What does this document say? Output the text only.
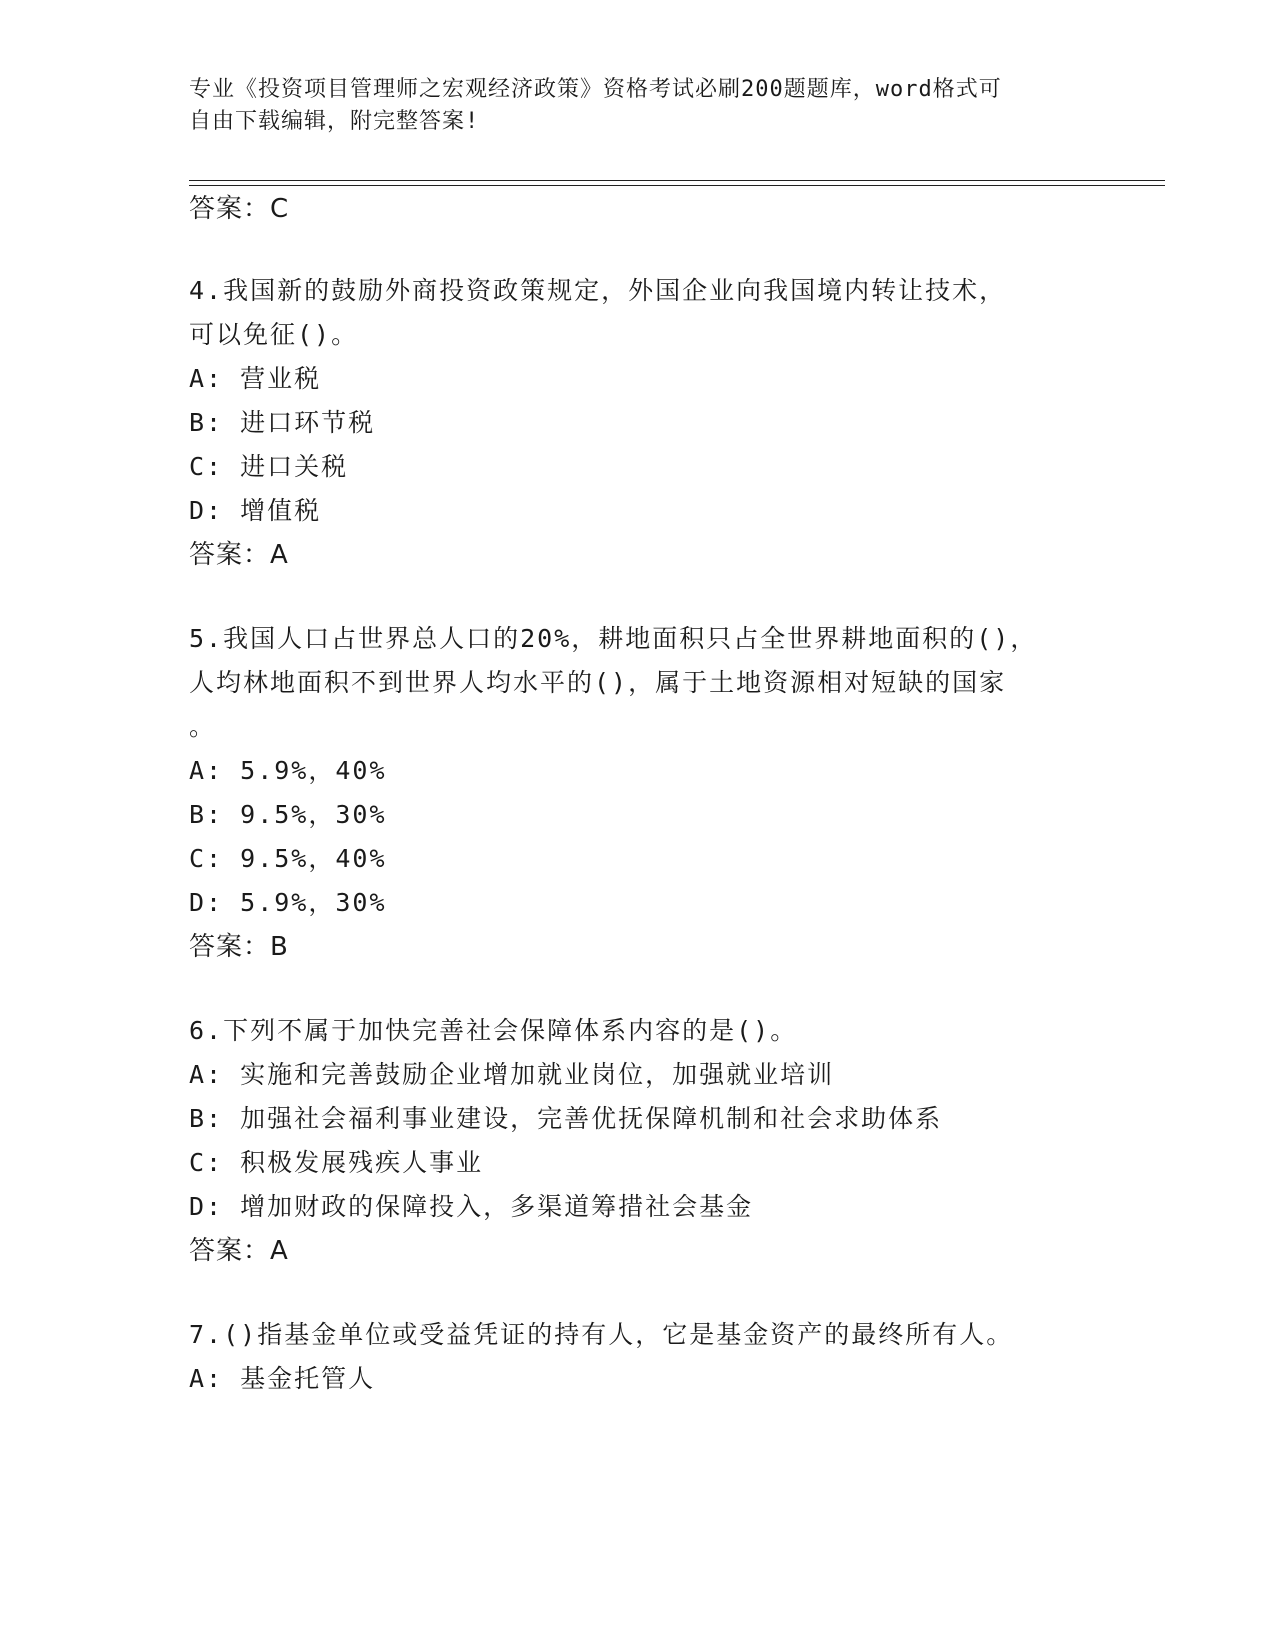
专业《投资项目管理师之宏观经济政策》资格考试必刷200题题库，word格式可
自由下载编辑，附完整答案!
答案：C
4.我国新的鼓励外商投资政策规定，外国企业向我国境内转让技术，
可以免征()。
A: 营业税
B: 进口环节税
C: 进口关税
D: 增值税
答案：A
5.我国人口占世界总人口的20%，耕地面积只占全世界耕地面积的()，
人均林地面积不到世界人均水平的()，属于土地资源相对短缺的国家
。
A: 5.9%，40%
B: 9.5%，30%
C: 9.5%，40%
D: 5.9%，30%
答案：B
6.下列不属于加快完善社会保障体系内容的是()。
A: 实施和完善鼓励企业增加就业岗位，加强就业培训
B: 加强社会福利事业建设，完善优抚保障机制和社会求助体系
C: 积极发展残疾人事业
D: 增加财政的保障投入，多渠道筹措社会基金
答案：A
7.()指基金单位或受益凭证的持有人，它是基金资产的最终所有人。
A: 基金托管人
